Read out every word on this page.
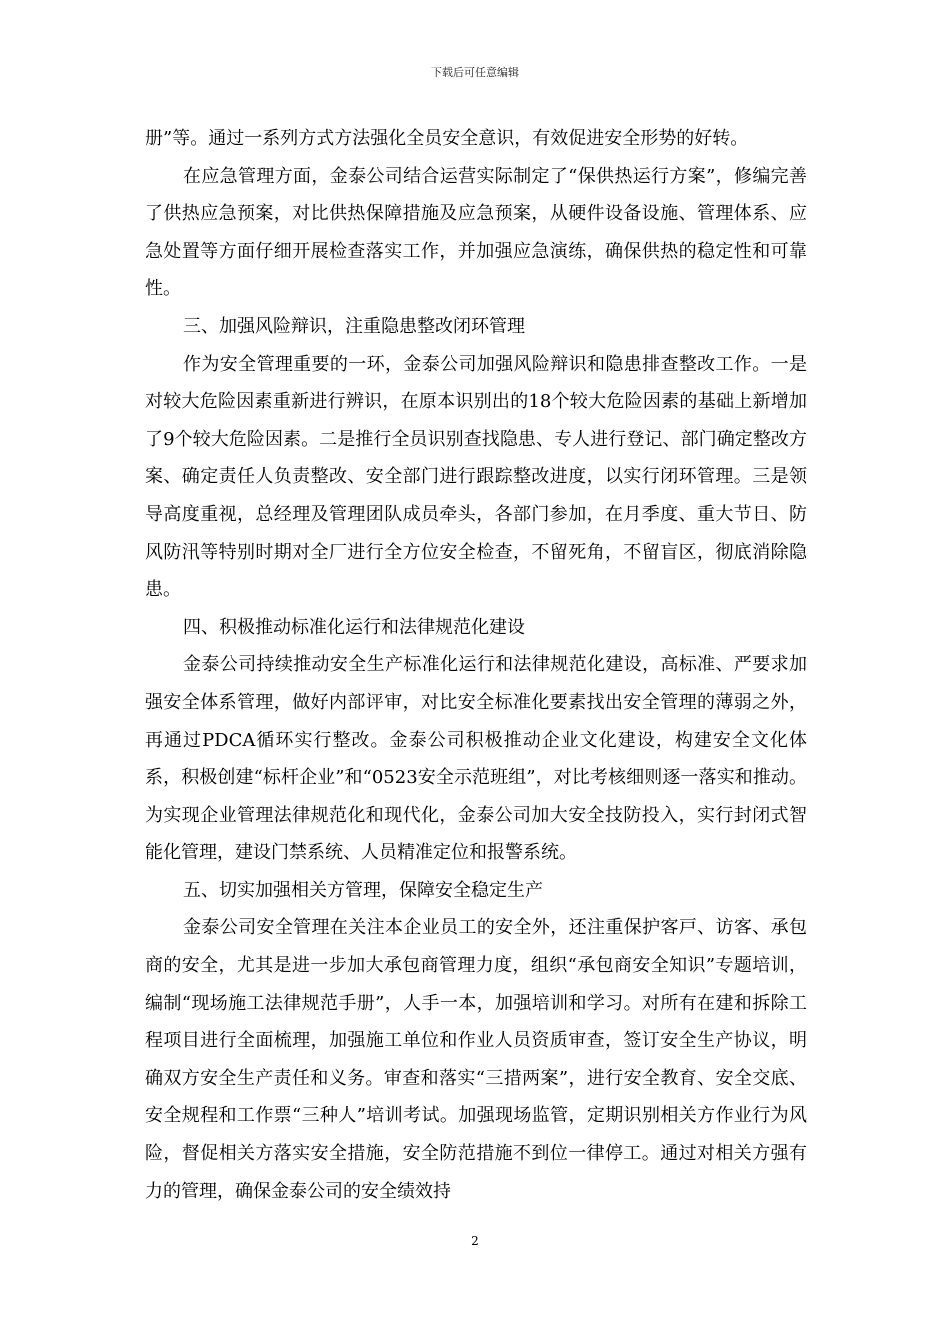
下载后可任意编辑

册”等。通过一系列方式方法强化全员安全意识，有效促进安全形势的好转。

在应急管理方面，金泰公司结合运营实际制定了“保供热运行方案”，修编完善了供热应急预案，对比供热保障措施及应急预案，从硬件设备设施、管理体系、应急处置等方面仔细开展检查落实工作，并加强应急演练，确保供热的稳定性和可靠性。

三、加强风险辩识，注重隐患整改闭环管理

作为安全管理重要的一环，金泰公司加强风险辩识和隐患排查整改工作。一是对较大危险因素重新进行辨识，在原本识别出的18个较大危险因素的基础上新增加了9个较大危险因素。二是推行全员识别查找隐患、专人进行登记、部门确定整改方案、确定责任人负责整改、安全部门进行跟踪整改进度，以实行闭环管理。三是领导高度重视，总经理及管理团队成员牵头，各部门参加，在月季度、重大节日、防风防汛等特别时期对全厂进行全方位安全检查，不留死角，不留盲区，彻底消除隐患。

四、积极推动标准化运行和法律规范化建设

金泰公司持续推动安全生产标准化运行和法律规范化建设，高标准、严要求加强安全体系管理，做好内部评审，对比安全标准化要素找出安全管理的薄弱之外，再通过PDCA循环实行整改。金泰公司积极推动企业文化建设，构建安全文化体系，积极创建“标杆企业”和“0523安全示范班组”，对比考核细则逐一落实和推动。为实现企业管理法律规范化和现代化，金泰公司加大安全技防投入，实行封闭式智能化管理，建设门禁系统、人员精准定位和报警系统。

五、切实加强相关方管理，保障安全稳定生产

金泰公司安全管理在关注本企业员工的安全外，还注重保护客戸、访客、承包商的安全，尤其是进一步加大承包商管理力度，组织“承包商安全知识”专题培训，编制“现场施工法律规范手册”，人手一本，加强培训和学习。对所有在建和拆除工程项目进行全面梳理，加强施工单位和作业人员资质审查，签订安全生产协议，明确双方安全生产责任和义务。审查和落实“三措两案”，进行安全教育、安全交底、安全规程和工作票“三种人”培训考试。加强现场监管，定期识别相关方作业行为风险，督促相关方落实安全措施，安全防范措施不到位一律停工。通过对相关方强有力的管理，确保金泰公司的安全绩效持

2
